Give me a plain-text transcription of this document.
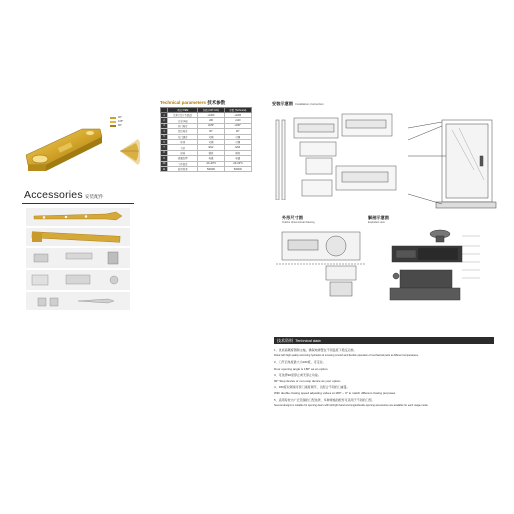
90°
105°
90°
Technical parameters 技术参数
	项目 ITEM	参数 (AFT-101)	参数 (Technical)
1	适用门宽 (不超过)	≤1000	≤1200
2	门重 (kg)	≤80	≤120
3	开门角度	≤180°	≤180°
4	定位角度	90°	90°
5	关门速度	可调	可调
6	缓冲	可调	可调
7	力度	EN2	EN3
8	材质	铸铁	铸铁
9	表面处理	电镀	电镀
10	工作温度	-20~60°C	-20~60°C
11	使用寿命	500000	500000
Accessories 安装配件
安装示意图 Installation instruction
外形尺寸图
Outline dimensional drawing
解剖示意图
Exploded view
技术资料 Technical data
1、优质高硬度钢制主轴，确保地弹簧在不同温度下稳定运转。
Fitted with high quality anti-rising hydraulic oil ensuring smooth and flexible operation of mechanical parts at different temperatures.
2、门开启角度最大为180度，可定位。
Door opening angle is 180° as an option.
3、可选择90度停止或无停止功能。
90° Stop device or non-stop device as your option.
4、180度双调速可使门速度调节，以配合不同的门重量。
With double closing speed adjusting valves at 180° ~ 0° to match different closing purposes.
5、适用有较为广泛范围的门型选择，多种规格的配件可适用于不同的门型。
Several designs is suitable for opening doors with left/right hand and single/double-opening accessories are available for each usage mode.
